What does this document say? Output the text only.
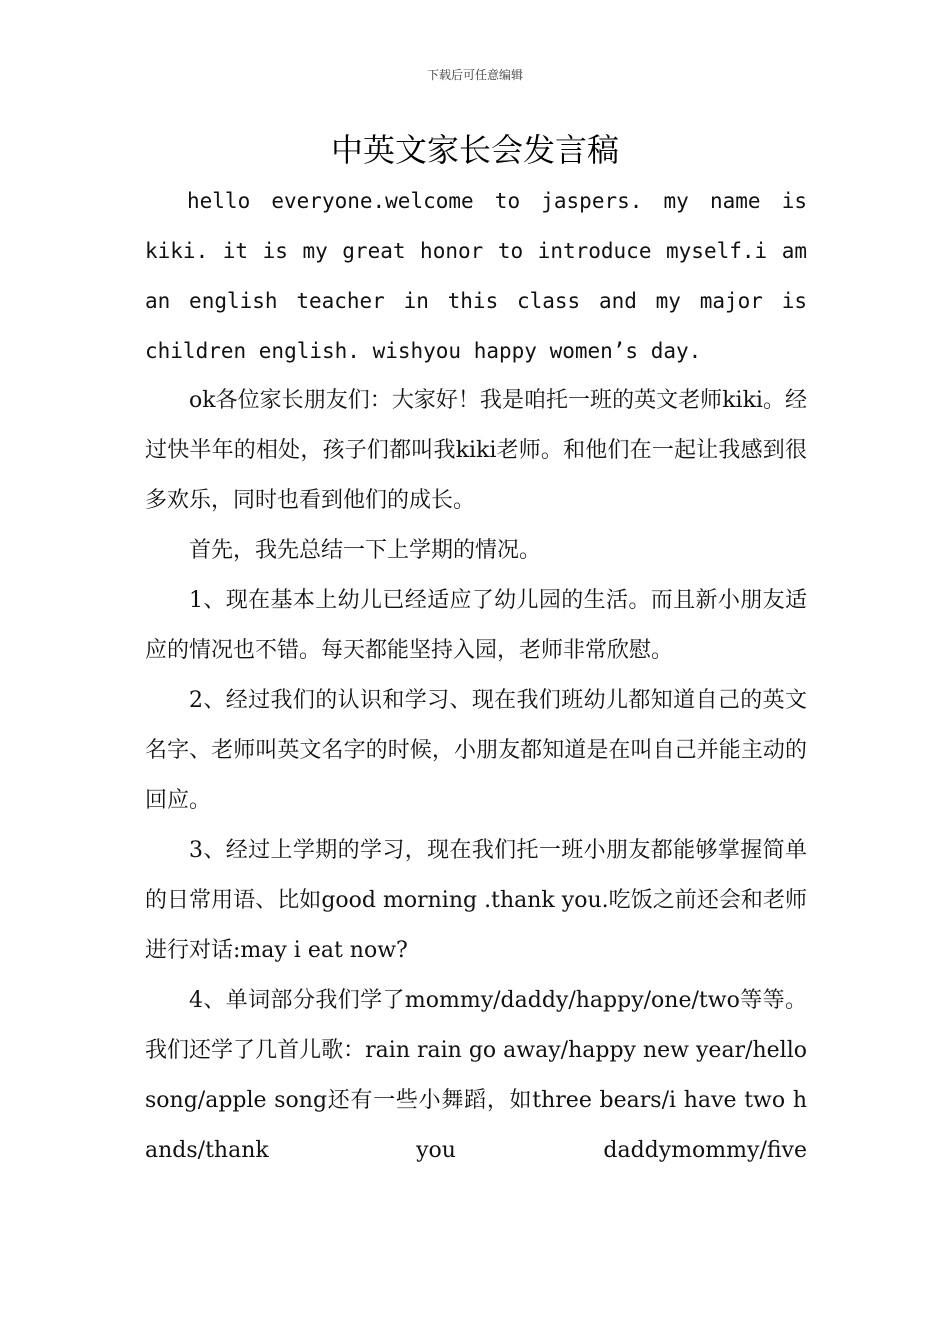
下载后可任意编辑
中英文家长会发言稿

hello everyone.welcome to jaspers. my name is kiki. it is my great honor to introduce myself.i am an english teacher in this class and my major is children english. wishyou happy women’s day.

ok各位家长朋友们：大家好！我是咱托一班的英文老师kiki。经过快半年的相处，孩子们都叫我kiki老师。和他们在一起让我感到很多欢乐，同时也看到他们的成长。

首先，我先总结一下上学期的情况。

1、现在基本上幼儿已经适应了幼儿园的生活。而且新小朋友适应的情况也不错。每天都能坚持入园，老师非常欣慰。

2、经过我们的认识和学习、现在我们班幼儿都知道自己的英文名字、老师叫英文名字的时候，小朋友都知道是在叫自己并能主动的回应。

3、经过上学期的学习，现在我们托一班小朋友都能够掌握简单的日常用语、比如good morning .thank you.吃饭之前还会和老师进行对话:may i eat now?

4、单词部分我们学了mommy/daddy/happy/one/two等等。我们还学了几首儿歌：rain rain go away/happy new year/hello song/apple song还有一些小舞蹈，如three bears/i have two hands/thank you daddymommy/five
